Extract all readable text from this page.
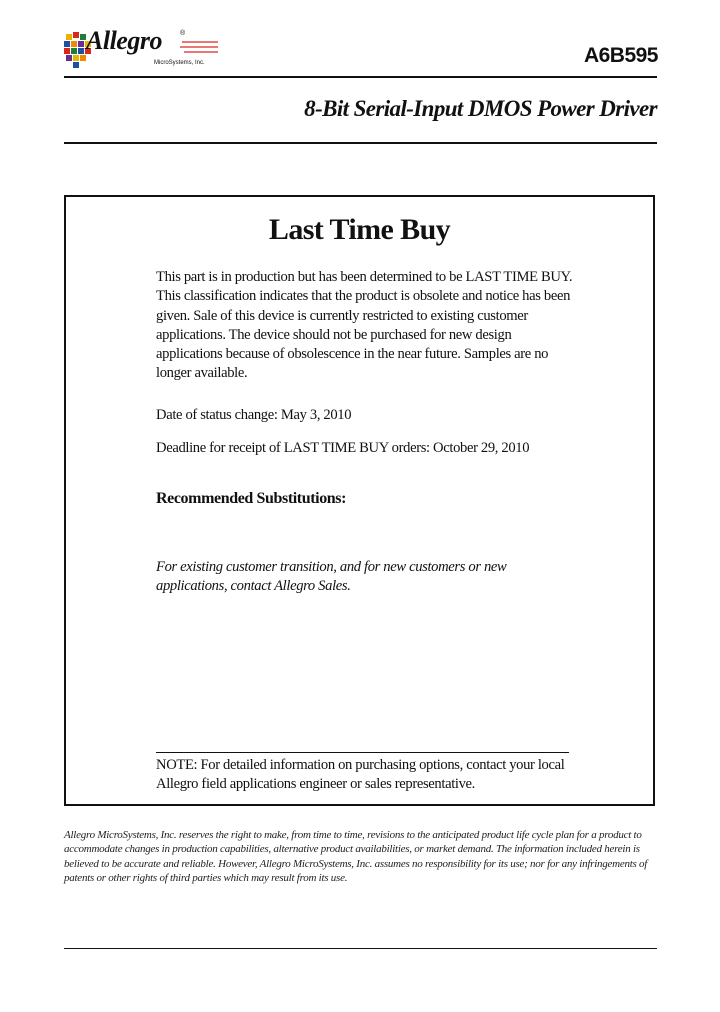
Allegro	®
MicroSystems, Inc.	A6B595
8-Bit Serial-Input DMOS Power Driver
Last Time Buy
This part is in production but has been determined to be LAST TIME BUY. This classification indicates that the product is obsolete and notice has been given. Sale of this device is currently restricted to existing customer applications. The device should not be purchased for new design applications because of obsolescence in the near future. Samples are no longer available.
Date of status change: May 3, 2010
Deadline for receipt of LAST TIME BUY orders: October 29, 2010
Recommended Substitutions:
For existing customer transition, and for new customers or new applications, contact Allegro Sales.
NOTE: For detailed information on purchasing options, contact your local Allegro field applications engineer or sales representative.
Allegro MicroSystems, Inc. reserves the right to make, from time to time, revisions to the anticipated product life cycle plan for a product to accommodate changes in production capabilities, alternative product availabilities, or market demand. The information included herein is believed to be accurate and reliable. However, Allegro MicroSystems, Inc. assumes no responsibility for its use; nor for any infringements of patents or other rights of third parties which may result from its use.
